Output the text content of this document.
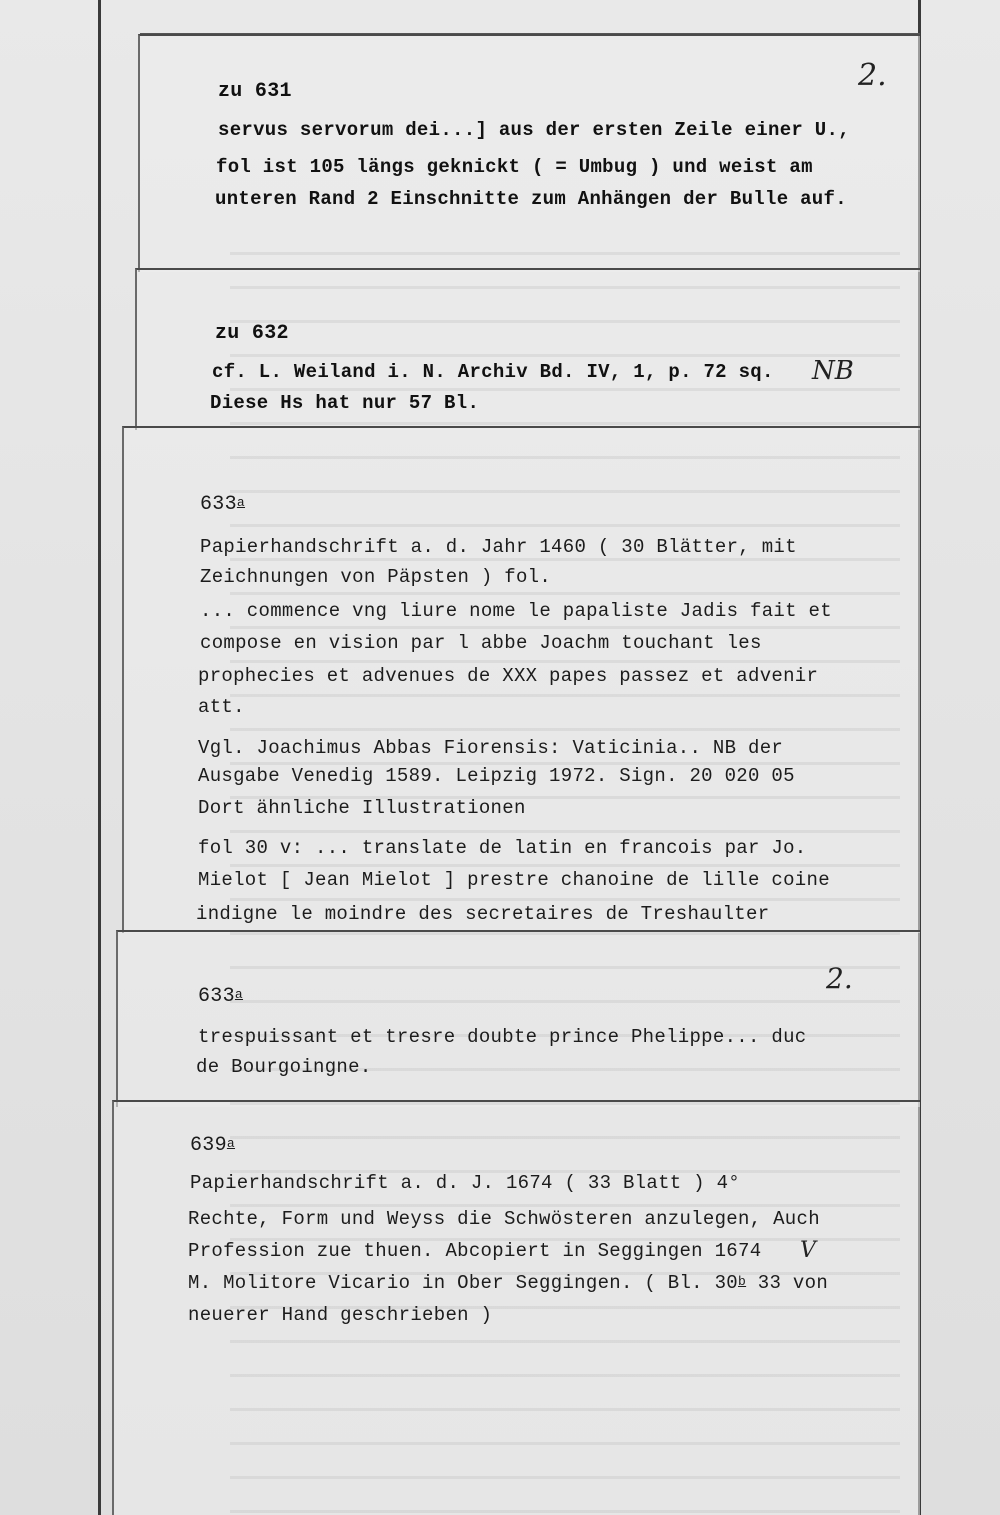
2.
zu 631
servus servorum dei...] aus der ersten Zeile einer U.,
fol ist 105 längs geknickt ( = Umbug ) und weist am
unteren Rand 2 Einschnitte zum Anhängen der Bulle auf.
zu 632
cf. L. Weiland i. N. Archiv Bd. IV, 1, p. 72 sq. NB
Diese Hs hat nur 57 Bl.
633$^a$
Papierhandschrift a. d. Jahr 1460 ( 30 Blätter, mit
Zeichnungen von Päpsten ) fol.
... commence vng liure nome le papaliste Jadis fait et
compose en vision par l abbe Joachm touchant les
prophecies et advenues de XXX papes passez et advenir
att.
Vgl. Joachimus Abbas Fiorensis: Vaticinia.. NB der
Ausgabe Venedig 1589. Leipzig 1972. Sign. 20 020 05
Dort ähnliche Illustrationen
fol 30 v: ... translate de latin en francois par Jo.
Mielot [ Jean Mielot ] prestre chanoine de lille coine
indigne le moindre des secretaires de Treshaulter
2.
633$^a$
trespuissant et tresre doubte prince Phelippe... duc
de Bourgoingne.
639$^a$
Papierhandschrift a. d. J. 1674 ( 33 Blatt ) 4°
Rechte, Form und Weyss die Schwösteren anzulegen, Auch
Profession zue thuen. Abcopiert in Seggingen 1674 V
M. Molitore Vicario in Ober Seggingen. ( Bl. 30$^b$ 33 von
neuerer Hand geschrieben )
